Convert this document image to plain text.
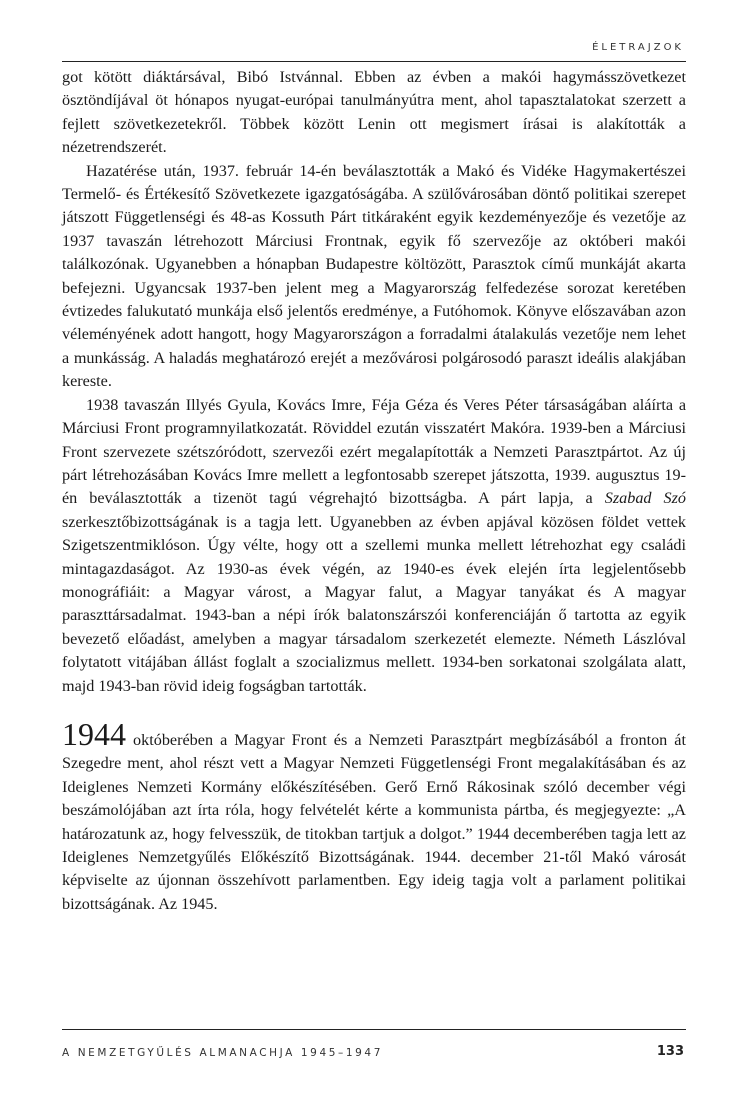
ÉLETRAJZOK

got kötött diáktársával, Bibó Istvánnal. Ebben az évben a makói hagymásszövetkezet ösztöndíjával öt hónapos nyugat-európai tanulmányútra ment, ahol tapasztalatokat szerzett a fejlett szövetkezetekről. Többek között Lenin ott megismert írásai is alakították a nézetrendszerét.

Hazatérése után, 1937. február 14-én beválasztották a Makó és Vidéke Hagymakertészei Termelő- és Értékesítő Szövetkezete igazgatóságába. A szülővárosában döntő politikai szerepet játszott Függetlenségi és 48-as Kossuth Párt titkáraként egyik kezdeményezője és vezetője az 1937 tavaszán létrehozott Márciusi Frontnak, egyik fő szervezője az októberi makói találkozónak. Ugyanebben a hónapban Budapestre költözött, Parasztok című munkáját akarta befejezni. Ugyancsak 1937-ben jelent meg a Magyarország felfedezése sorozat keretében évtizedes falukutató munkája első jelentős eredménye, a Futóhomok. Könyve előszavában azon véleményének adott hangott, hogy Magyarországon a forradalmi átalakulás vezetője nem lehet a munkásság. A haladás meghatározó erejét a mezővárosi polgárosodó paraszt ideális alakjában kereste.

1938 tavaszán Illyés Gyula, Kovács Imre, Féja Géza és Veres Péter társaságában aláírta a Márciusi Front programnyilatkozatát. Röviddel ezután visszatért Makóra. 1939-ben a Márciusi Front szervezete szétszóródott, szervezői ezért megalapították a Nemzeti Parasztpártot. Az új párt létrehozásában Kovács Imre mellett a legfontosabb szerepet játszotta, 1939. augusztus 19-én beválasztották a tizenöt tagú végrehajtó bizottságba. A párt lapja, a Szabad Szó szerkesztőbizottságának is a tagja lett. Ugyanebben az évben apjával közösen földet vettek Szigetszentmiklóson. Úgy vélte, hogy ott a szellemi munka mellett létrehozhat egy családi mintagazdaságot. Az 1930-as évek végén, az 1940-es évek elején írta legjelentősebb monográfiáit: a Magyar várost, a Magyar falut, a Magyar tanyákat és A magyar paraszttársadalmat. 1943-ban a népi írók balatonszárszói konferenciáján ő tartotta az egyik bevezető előadást, amelyben a magyar társadalom szerkezetét elemezte. Németh Lászlóval folytatott vitájában állást foglalt a szocializmus mellett. 1934-ben sorkatonai szolgálata alatt, majd 1943-ban rövid ideig fogságban tartották.

1944 októberében a Magyar Front és a Nemzeti Parasztpárt megbízásából a fronton át Szegedre ment, ahol részt vett a Magyar Nemzeti Függetlenségi Front megalakításában és az Ideiglenes Nemzeti Kormány előkészítésében. Gerő Ernő Rákosinak szóló december végi beszámolójában azt írta róla, hogy felvételét kérte a kommunista pártba, és megjegyezte: „A határozatunk az, hogy felvesszük, de titokban tartjuk a dolgot.” 1944 decemberében tagja lett az Ideiglenes Nemzetgyűlés Előkészítő Bizottságának. 1944. december 21-től Makó városát képviselte az újonnan összehívott parlamentben. Egy ideig tagja volt a parlament politikai bizottságának. Az 1945.

A NEMZETGYŰLÉS ALMANACHJA 1945–1947	133
